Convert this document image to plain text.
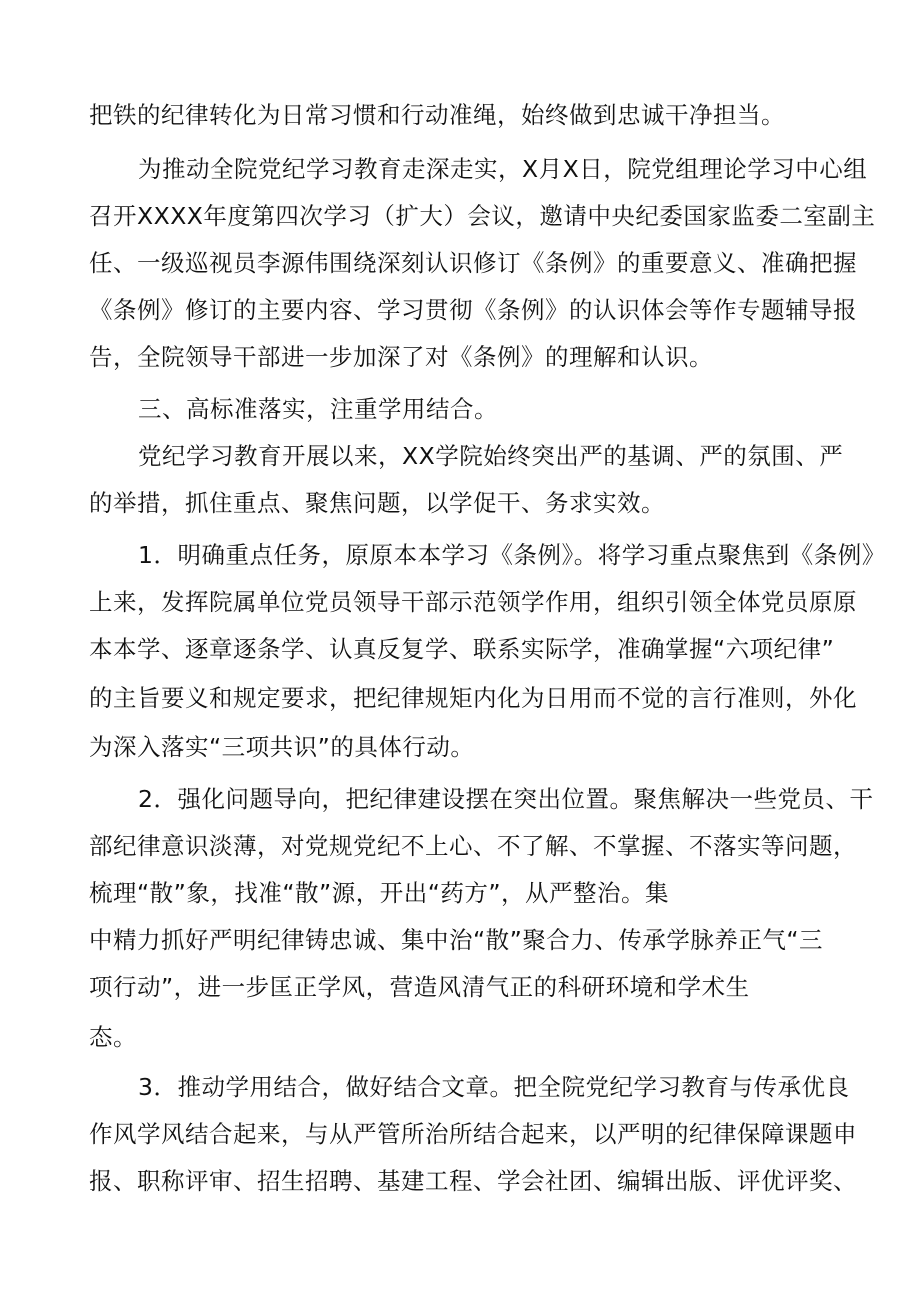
把铁的纪律转化为日常习惯和行动准绳，始终做到忠诚干净担当。
为推动全院党纪学习教育走深走实，X月X日，院党组理论学习中心组
召开XXXX年度第四次学习（扩大）会议，邀请中央纪委国家监委二室副主
任、一级巡视员李源伟围绕深刻认识修订《条例》的重要意义、准确把握
《条例》修订的主要内容、学习贯彻《条例》的认识体会等作专题辅导报
告，全院领导干部进一步加深了对《条例》的理解和认识。
三、高标准落实，注重学用结合。
党纪学习教育开展以来，XX学院始终突出严的基调、严的氛围、严
的举措，抓住重点、聚焦问题，以学促干、务求实效。
1．明确重点任务，原原本本学习《条例》。将学习重点聚焦到《条例》
上来，发挥院属单位党员领导干部示范领学作用，组织引领全体党员原原
本本学、逐章逐条学、认真反复学、联系实际学，准确掌握“六项纪律”
的主旨要义和规定要求，把纪律规矩内化为日用而不觉的言行准则，外化
为深入落实“三项共识”的具体行动。
2．强化问题导向，把纪律建设摆在突出位置。聚焦解决一些党员、干
部纪律意识淡薄，对党规党纪不上心、不了解、不掌握、不落实等问题，
梳理“散”象，找准“散”源，开出“药方”，从严整治。集
中精力抓好严明纪律铸忠诚、集中治“散”聚合力、传承学脉养正气“三
项行动”，进一步匡正学风，营造风清气正的科研环境和学术生
态。
3．推动学用结合，做好结合文章。把全院党纪学习教育与传承优良
作风学风结合起来，与从严管所治所结合起来，以严明的纪律保障课题申
报、职称评审、招生招聘、基建工程、学会社团、编辑出版、评优评奖、
